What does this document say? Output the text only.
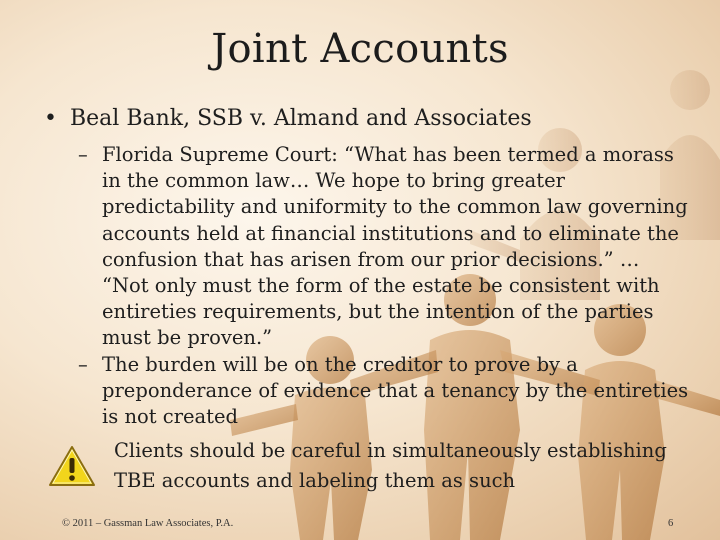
Joint Accounts
• Beal Bank, SSB v. Almand and Associates
– Florida Supreme Court: “What has been termed a morass in the common law… We hope to bring greater predictability and uniformity to the common law governing accounts held at financial institutions and to eliminate the confusion that has arisen from our prior decisions.” … “Not only must the form of the estate be consistent with entireties requirements, but the intention of the parties must be proven.”
– The burden will be on the creditor to prove by a preponderance of evidence that a tenancy by the entireties is not created
Clients should be careful in simultaneously establishing TBE accounts and labeling them as such
© 2011 – Gassman Law Associates, P.A.	6
